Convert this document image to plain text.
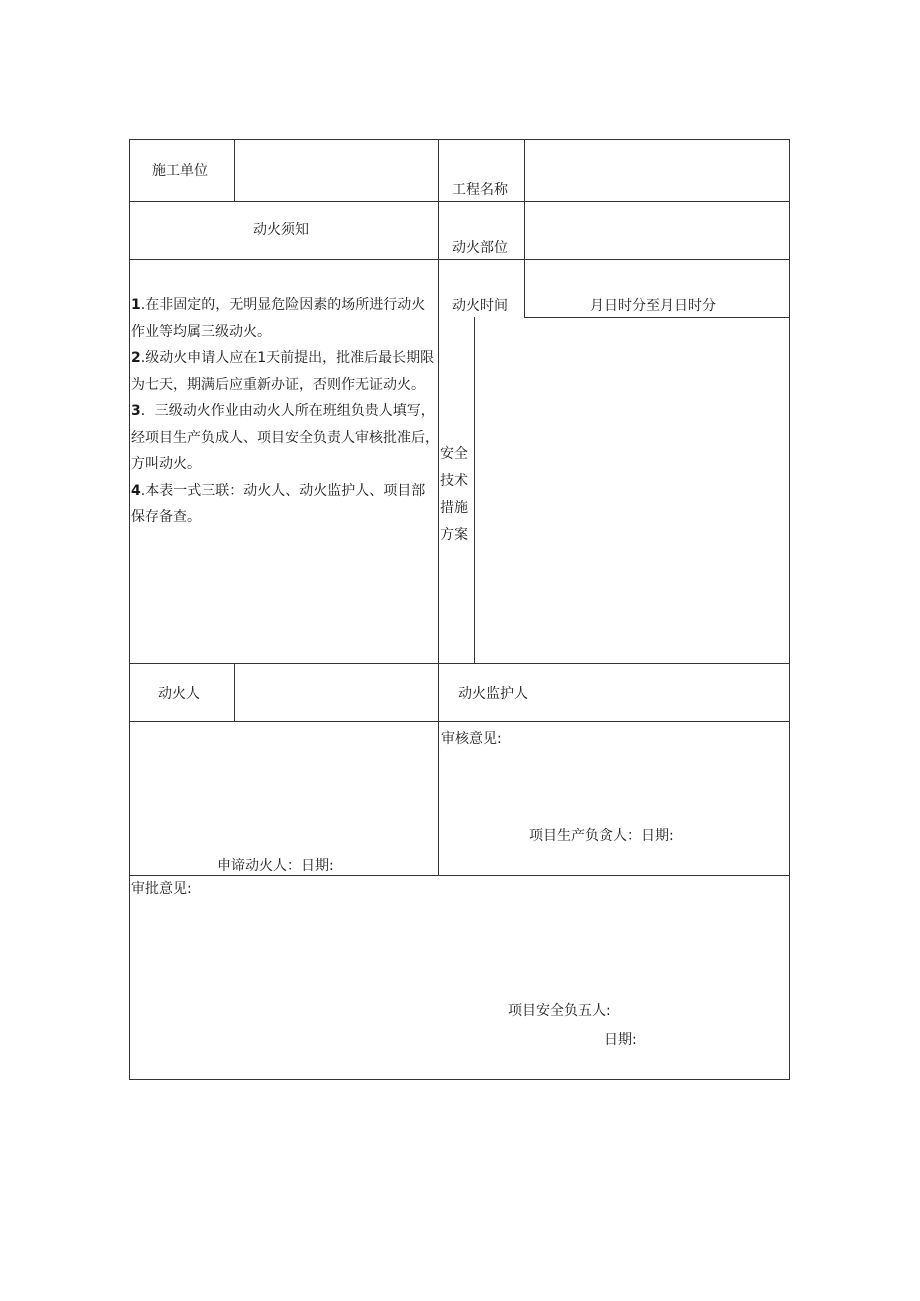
施工单位
工程名称
动火须知
动火部位
动火时间	月日时分至月日时分

1.在非固定的，无明显危险因素的场所进行动火作业等均属三级动火。

2.级动火申请人应在1天前提出，批准后最长期限为七天，期满后应重新办证，否则作无证动火。

3．三级动火作业由动火人所在班组负贵人填写，经项目生产负成人、项目安全负责人审核批准后，方叫动火。

4.本表一式三联：动火人、动火监护人、项目部保存备查。

安全
技术
措施
方案
动火人	动火监护人
审核意见:
项目生产负贪人：日期:
申谛动火人：日期:
审批意见:
项目安全负五人:
日期:
